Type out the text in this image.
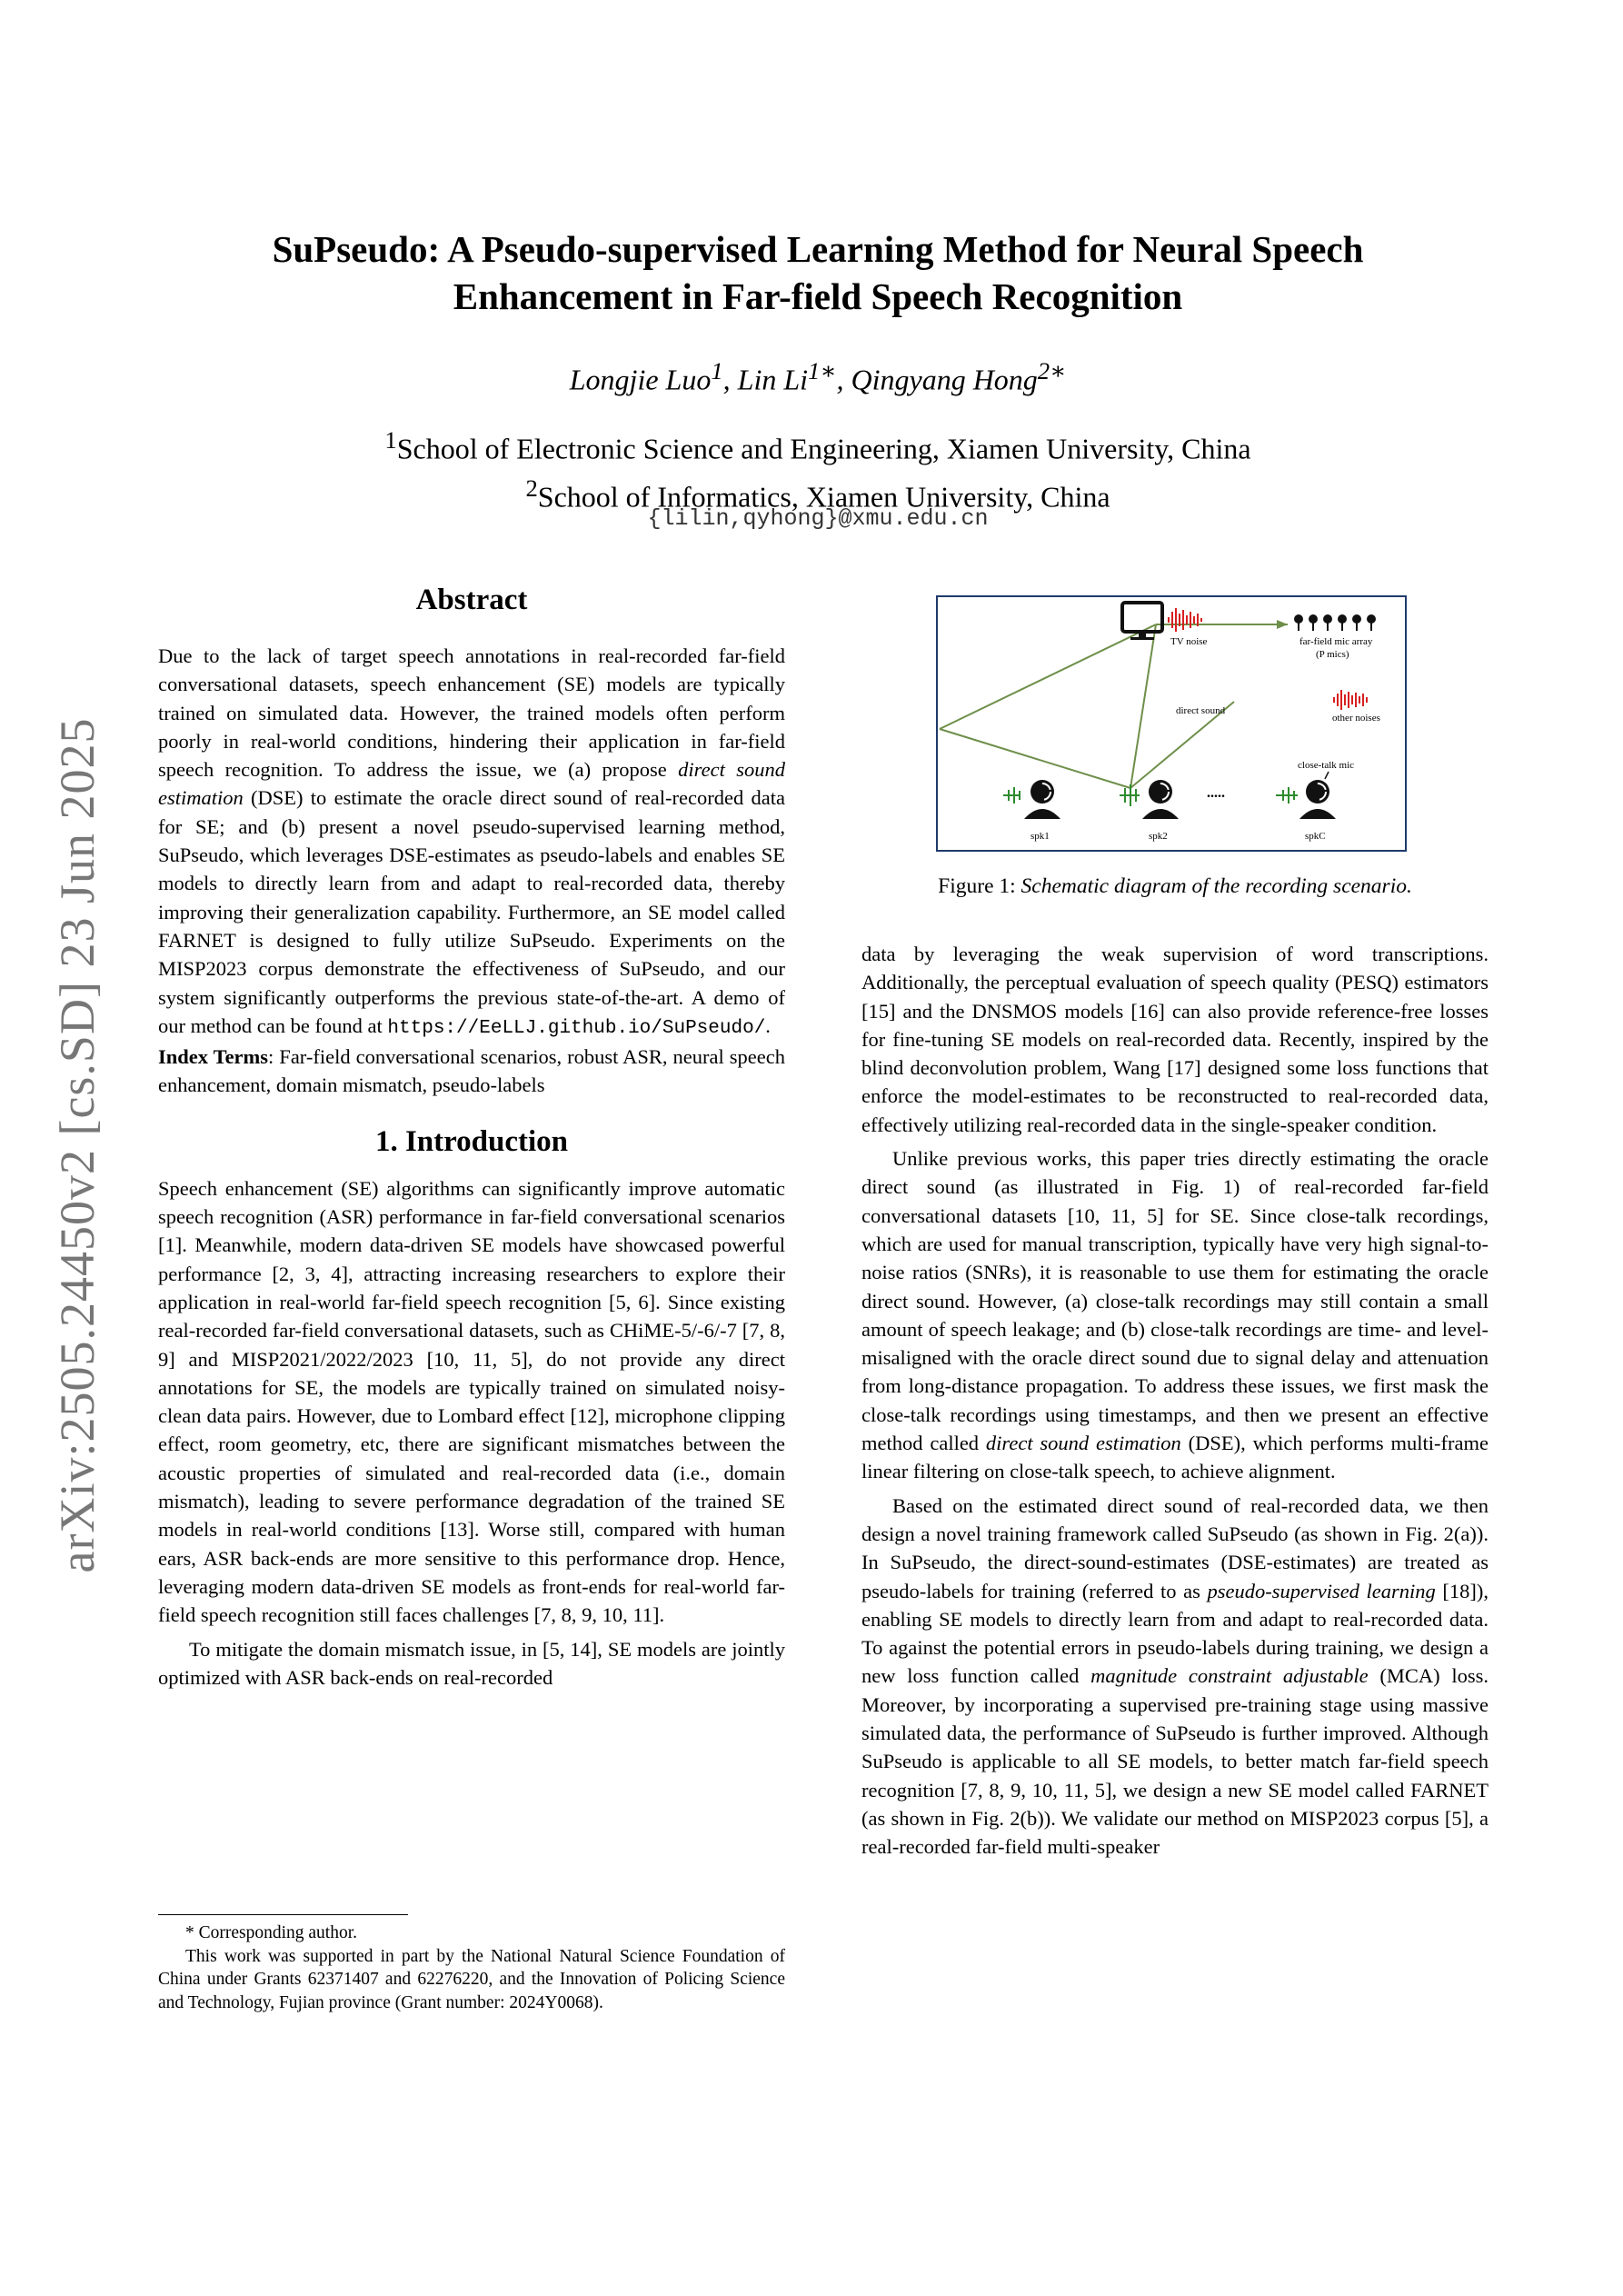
arXiv:2505.24450v2 [cs.SD] 23 Jun 2025
SuPseudo: A Pseudo-supervised Learning Method for Neural Speech
Enhancement in Far-field Speech Recognition
Longjie Luo$^1$, Lin $Li^{1∗}$, Qingyang Hong$^{2∗}$
$^1$School of Electronic Science and Engineering, Xiamen University, China
$^2$School of Informatics, Xiamen University, China
{lilin,qyhong}@xmu.edu.cn
Abstract

Due to the lack of target speech annotations in real-recorded far-field conversational datasets, speech enhancement (SE) models are typically trained on simulated data. However, the trained models often perform poorly in real-world conditions, hindering their application in far-field speech recognition. To address the issue, we (a) propose direct sound estimation (DSE) to estimate the oracle direct sound of real-recorded data for SE; and (b) present a novel pseudo-supervised learning method, SuPseudo, which leverages DSE-estimates as pseudo-labels and enables SE models to directly learn from and adapt to real-recorded data, thereby improving their generalization capability. Furthermore, an SE model called FARNET is designed to fully utilize SuPseudo. Experiments on the MISP2023 corpus demonstrate the effectiveness of SuPseudo, and our system significantly outperforms the previous state-of-the-art. A demo of our method can be found at https://EeLLJ.github.io/SuPseudo/.

Index Terms: Far-field conversational scenarios, robust ASR, neural speech enhancement, domain mismatch, pseudo-labels

1. Introduction

Speech enhancement (SE) algorithms can significantly improve automatic speech recognition (ASR) performance in far-field conversational scenarios [1]. Meanwhile, modern data-driven SE models have showcased powerful performance [2, 3, 4], attracting increasing researchers to explore their application in real-world far-field speech recognition [5, 6]. Since existing real-recorded far-field conversational datasets, such as CHiME-5/-6/-7 [7, 8, 9] and MISP2021/2022/2023 [10, 11, 5], do not provide any direct annotations for SE, the models are typically trained on simulated noisy-clean data pairs. However, due to Lombard effect [12], microphone clipping effect, room geometry, etc, there are significant mismatches between the acoustic properties of simulated and real-recorded data (i.e., domain mismatch), leading to severe performance degradation of the trained SE models in real-world conditions [13]. Worse still, compared with human ears, ASR back-ends are more sensitive to this performance drop. Hence, leveraging modern data-driven SE models as front-ends for real-world far-field speech recognition still faces challenges [7, 8, 9, 10, 11].

To mitigate the domain mismatch issue, in [5, 14], SE models are jointly optimized with ASR back-ends on real-recorded

* Corresponding author.

This work was supported in part by the National Natural Science Foundation of China under Grants 62371407 and 62276220, and the Innovation of Policing Science and Technology, Fujian province (Grant number: 2024Y0068).

TV noise	far-field mic array
(P mics)
direct sound
other noises
close-talk mic
spk1	spk2
.....
spkC
Figure 1: Schematic diagram of the recording scenario.

data by leveraging the weak supervision of word transcriptions. Additionally, the perceptual evaluation of speech quality (PESQ) estimators [15] and the DNSMOS models [16] can also provide reference-free losses for fine-tuning SE models on real-recorded data. Recently, inspired by the blind deconvolution problem, Wang [17] designed some loss functions that enforce the model-estimates to be reconstructed to real-recorded data, effectively utilizing real-recorded data in the single-speaker condition.

Unlike previous works, this paper tries directly estimating the oracle direct sound (as illustrated in Fig. 1) of real-recorded far-field conversational datasets [10, 11, 5] for SE. Since close-talk recordings, which are used for manual transcription, typically have very high signal-to-noise ratios (SNRs), it is reasonable to use them for estimating the oracle direct sound. However, (a) close-talk recordings may still contain a small amount of speech leakage; and (b) close-talk recordings are time- and level-misaligned with the oracle direct sound due to signal delay and attenuation from long-distance propagation. To address these issues, we first mask the close-talk recordings using timestamps, and then we present an effective method called direct sound estimation (DSE), which performs multi-frame linear filtering on close-talk speech, to achieve alignment.

Based on the estimated direct sound of real-recorded data, we then design a novel training framework called SuPseudo (as shown in Fig. 2(a)). In SuPseudo, the direct-sound-estimates (DSE-estimates) are treated as pseudo-labels for training (referred to as pseudo-supervised learning [18]), enabling SE models to directly learn from and adapt to real-recorded data. To against the potential errors in pseudo-labels during training, we design a new loss function called magnitude constraint adjustable (MCA) loss. Moreover, by incorporating a supervised pre-training stage using massive simulated data, the performance of SuPseudo is further improved. Although SuPseudo is applicable to all SE models, to better match far-field speech recognition [7, 8, 9, 10, 11, 5], we design a new SE model called FARNET (as shown in Fig. 2(b)). We validate our method on MISP2023 corpus [5], a real-recorded far-field multi-speaker
